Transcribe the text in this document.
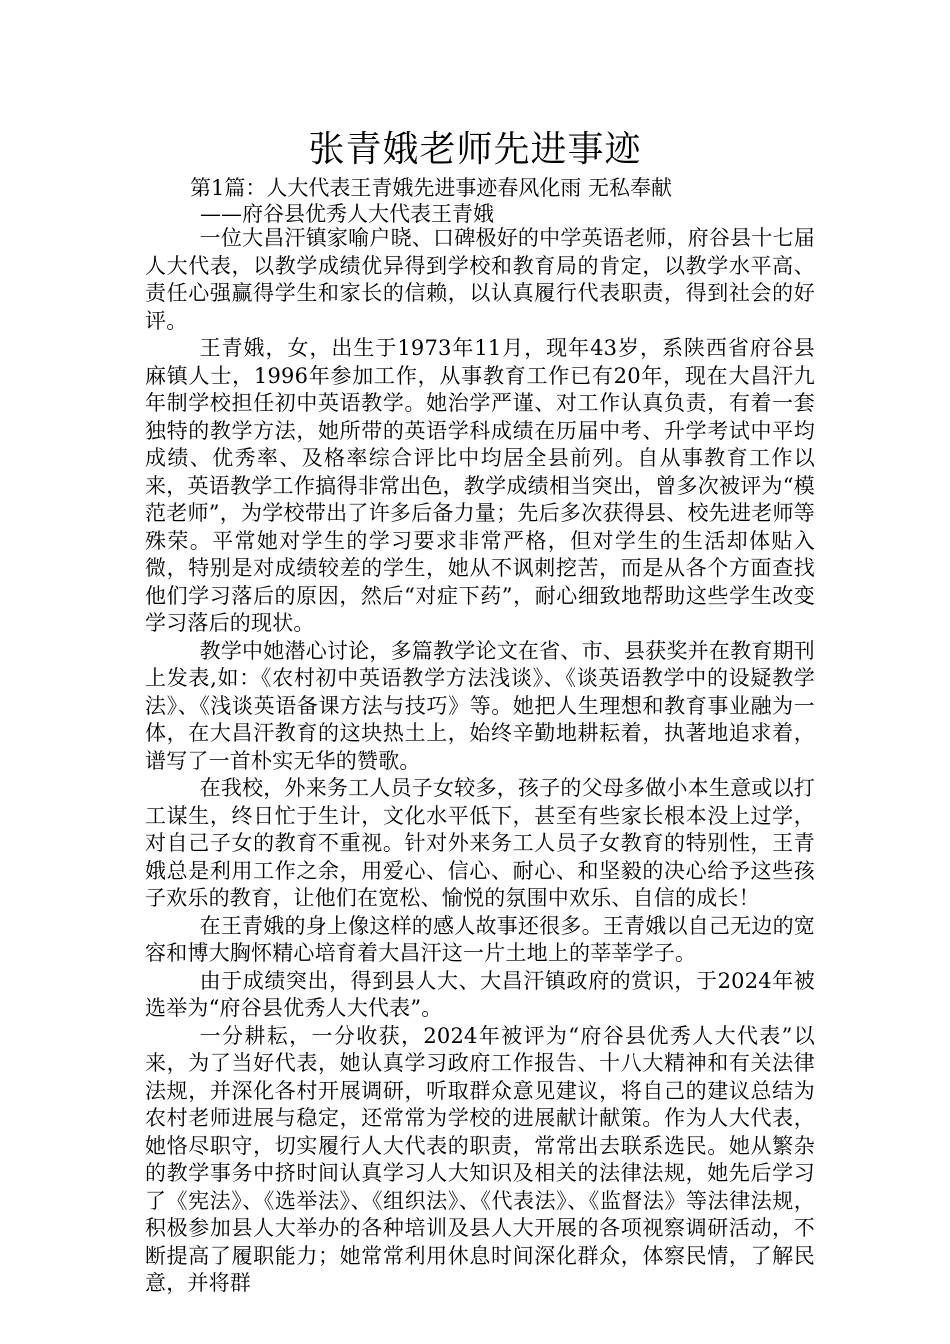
张青娥老师先进事迹
第1篇：人大代表王青娥先进事迹春风化雨 无私奉献
——府谷县优秀人大代表王青娥

一位大昌汗镇家喻户晓、口碑极好的中学英语老师，府谷县十七届人大代表，以教学成绩优异得到学校和教育局的肯定，以教学水平高、责任心强赢得学生和家长的信赖，以认真履行代表职责，得到社会的好评。

王青娥，女，出生于1973年11月，现年43岁，系陕西省府谷县麻镇人士，1996年参加工作，从事教育工作已有20年，现在大昌汗九年制学校担任初中英语教学。她治学严谨、对工作认真负责，有着一套独特的教学方法，她所带的英语学科成绩在历届中考、升学考试中平均成绩、优秀率、及格率综合评比中均居全县前列。自从事教育工作以来，英语教学工作搞得非常出色，教学成绩相当突出，曾多次被评为“模范老师”，为学校带出了许多后备力量；先后多次获得县、校先进老师等殊荣。平常她对学生的学习要求非常严格，但对学生的生活却体贴入微，特别是对成绩较差的学生，她从不讽刺挖苦，而是从各个方面查找他们学习落后的原因，然后“对症下药”，耐心细致地帮助这些学生改变学习落后的现状。

教学中她潜心讨论，多篇教学论文在省、市、县获奖并在教育期刊上发表,如：《农村初中英语教学方法浅谈》、《谈英语教学中的设疑教学法》、《浅谈英语备课方法与技巧》等。她把人生理想和教育事业融为一体，在大昌汗教育的这块热土上，始终辛勤地耕耘着，执著地追求着，谱写了一首朴实无华的赞歌。

在我校，外来务工人员子女较多，孩子的父母多做小本生意或以打工谋生，终日忙于生计，文化水平低下，甚至有些家长根本没上过学，对自己子女的教育不重视。针对外来务工人员子女教育的特别性，王青娥总是利用工作之余，用爱心、信心、耐心、和坚毅的决心给予这些孩子欢乐的教育，让他们在宽松、愉悦的氛围中欢乐、自信的成长！

在王青娥的身上像这样的感人故事还很多。王青娥以自己无边的宽容和博大胸怀精心培育着大昌汗这一片土地上的莘莘学子。

由于成绩突出，得到县人大、大昌汗镇政府的赏识，于2024年被选举为“府谷县优秀人大代表”。

一分耕耘，一分收获，2024年被评为“府谷县优秀人大代表”以来，为了当好代表，她认真学习政府工作报告、十八大精神和有关法律法规，并深化各村开展调研，听取群众意见建议，将自己的建议总结为农村老师进展与稳定，还常常为学校的进展献计献策。作为人大代表，她恪尽职守，切实履行人大代表的职责，常常出去联系选民。她从繁杂的教学事务中挤时间认真学习人大知识及相关的法律法规，她先后学习了《宪法》、《选举法》、《组织法》、《代表法》、《监督法》等法律法规，积极参加县人大举办的各种培训及县人大开展的各项视察调研活动，不断提高了履职能力；她常常利用休息时间深化群众，体察民情，了解民意，并将群
